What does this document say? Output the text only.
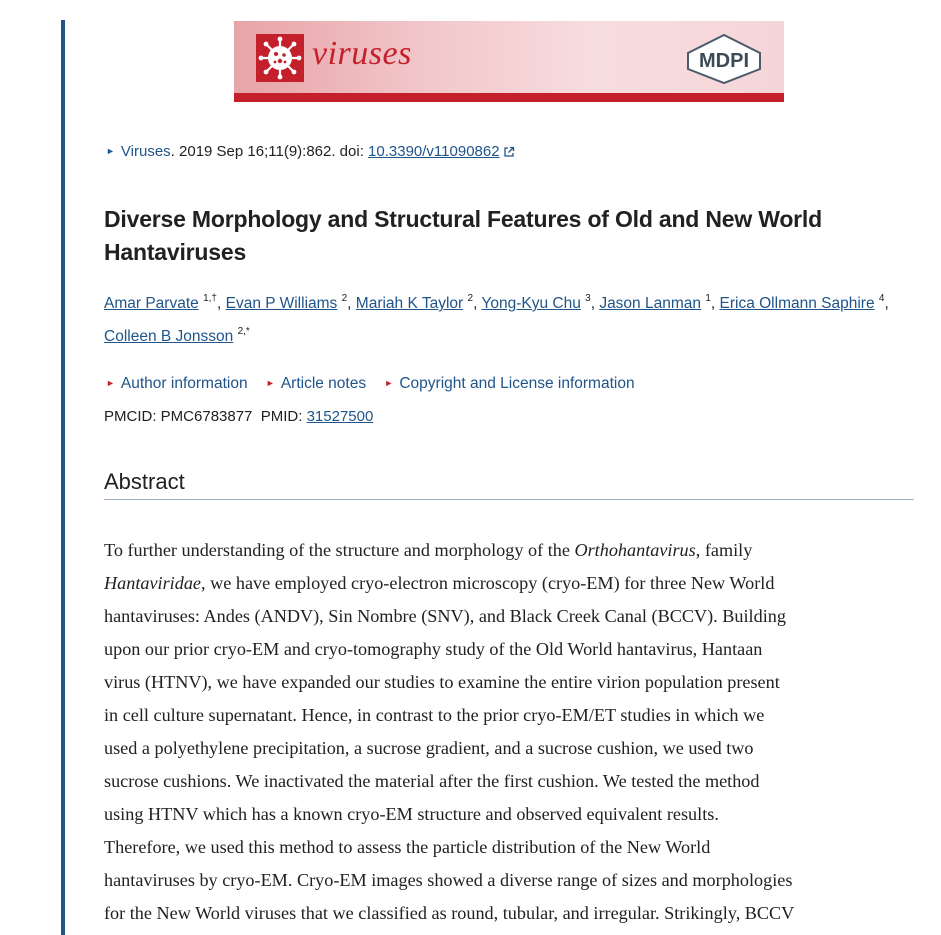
viruses	MDPI
► Viruses. 2019 Sep 16;11(9):862. doi: 10.3390/v11090862
Diverse Morphology and Structural Features of Old and New World Hantaviruses
Amar Parvate $^{1,\dagger}$, Evan P Williams $^2$, Mariah K Taylor $^2$, Yong-Kyu Chu $^3$, Jason Lanman $^1$, Erica Ollmann Saphire $^4$,
Colleen B Jonsson $^{2,*}$
► Author information ► Article notes ► Copyright and License information
PMCID: PMC6783877 PMID: 31527500
Abstract
To further understanding of the structure and morphology of the Orthohantavirus, family
Hantaviridae, we have employed cryo-electron microscopy (cryo-EM) for three New World
hantaviruses: Andes (ANDV), Sin Nombre (SNV), and Black Creek Canal (BCCV). Building
upon our prior cryo-EM and cryo-tomography study of the Old World hantavirus, Hantaan
virus (HTNV), we have expanded our studies to examine the entire virion population present
in cell culture supernatant. Hence, in contrast to the prior cryo-EM/ET studies in which we
used a polyethylene precipitation, a sucrose gradient, and a sucrose cushion, we used two
sucrose cushions. We inactivated the material after the first cushion. We tested the method
using HTNV which has a known cryo-EM structure and observed equivalent results.
Therefore, we used this method to assess the particle distribution of the New World
hantaviruses by cryo-EM. Cryo-EM images showed a diverse range of sizes and morphologies
for the New World viruses that we classified as round, tubular, and irregular. Strikingly, BCCV
